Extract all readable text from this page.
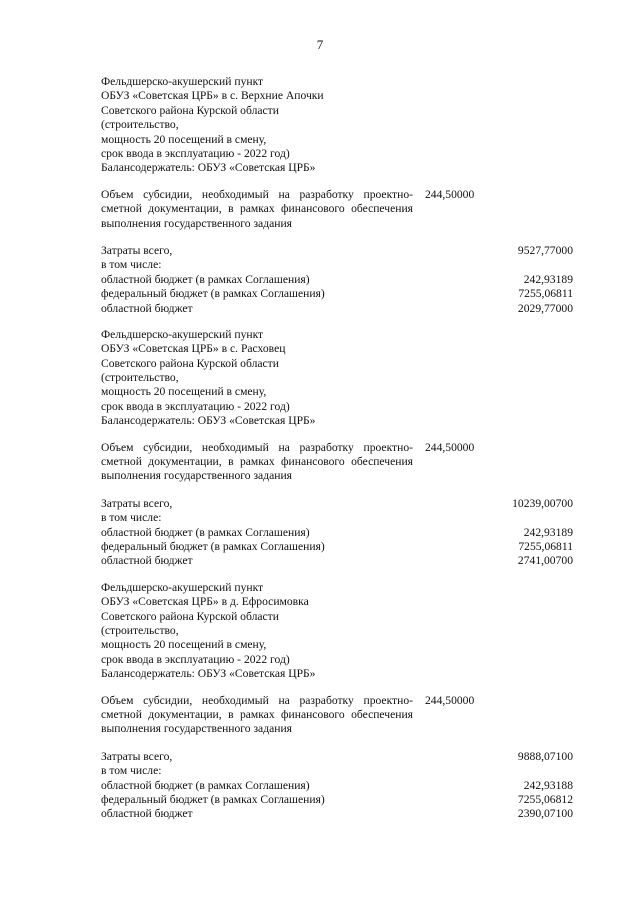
7
Фельдшерско-акушерский пункт
ОБУЗ «Советская ЦРБ» в с. Верхние Апочки
Советского района Курской области
(строительство,
мощность 20 посещений в смену,
срок ввода в эксплуатацию - 2022 год)
Балансодержатель: ОБУЗ «Советская ЦРБ»
Объем субсидии, необходимый на разработку проектно-сметной документации, в рамках финансового обеспечения выполнения государственного задания
244,50000
Затраты всего,	9527,77000
в том числе:
областной бюджет (в рамках Соглашения)	242,93189
федеральный бюджет (в рамках Соглашения)	7255,06811
областной бюджет	2029,77000
Фельдшерско-акушерский пункт
ОБУЗ «Советская ЦРБ» в с. Расховец
Советского района Курской области
(строительство,
мощность 20 посещений в смену,
срок ввода в эксплуатацию - 2022 год)
Балансодержатель: ОБУЗ «Советская ЦРБ»
Объем субсидии, необходимый на разработку проектно-сметной документации, в рамках финансового обеспечения выполнения государственного задания
244,50000
Затраты всего,	10239,00700
в том числе:
областной бюджет (в рамках Соглашения)	242,93189
федеральный бюджет (в рамках Соглашения)	7255,06811
областной бюджет	2741,00700
Фельдшерско-акушерский пункт
ОБУЗ «Советская ЦРБ» в д. Ефросимовка
Советского района Курской области
(строительство,
мощность 20 посещений в смену,
срок ввода в эксплуатацию - 2022 год)
Балансодержатель: ОБУЗ «Советская ЦРБ»
Объем субсидии, необходимый на разработку проектно-сметной документации, в рамках финансового обеспечения выполнения государственного задания
244,50000
Затраты всего,	9888,07100
в том числе:
областной бюджет (в рамках Соглашения)	242,93188
федеральный бюджет (в рамках Соглашения)	7255,06812
областной бюджет	2390,07100
